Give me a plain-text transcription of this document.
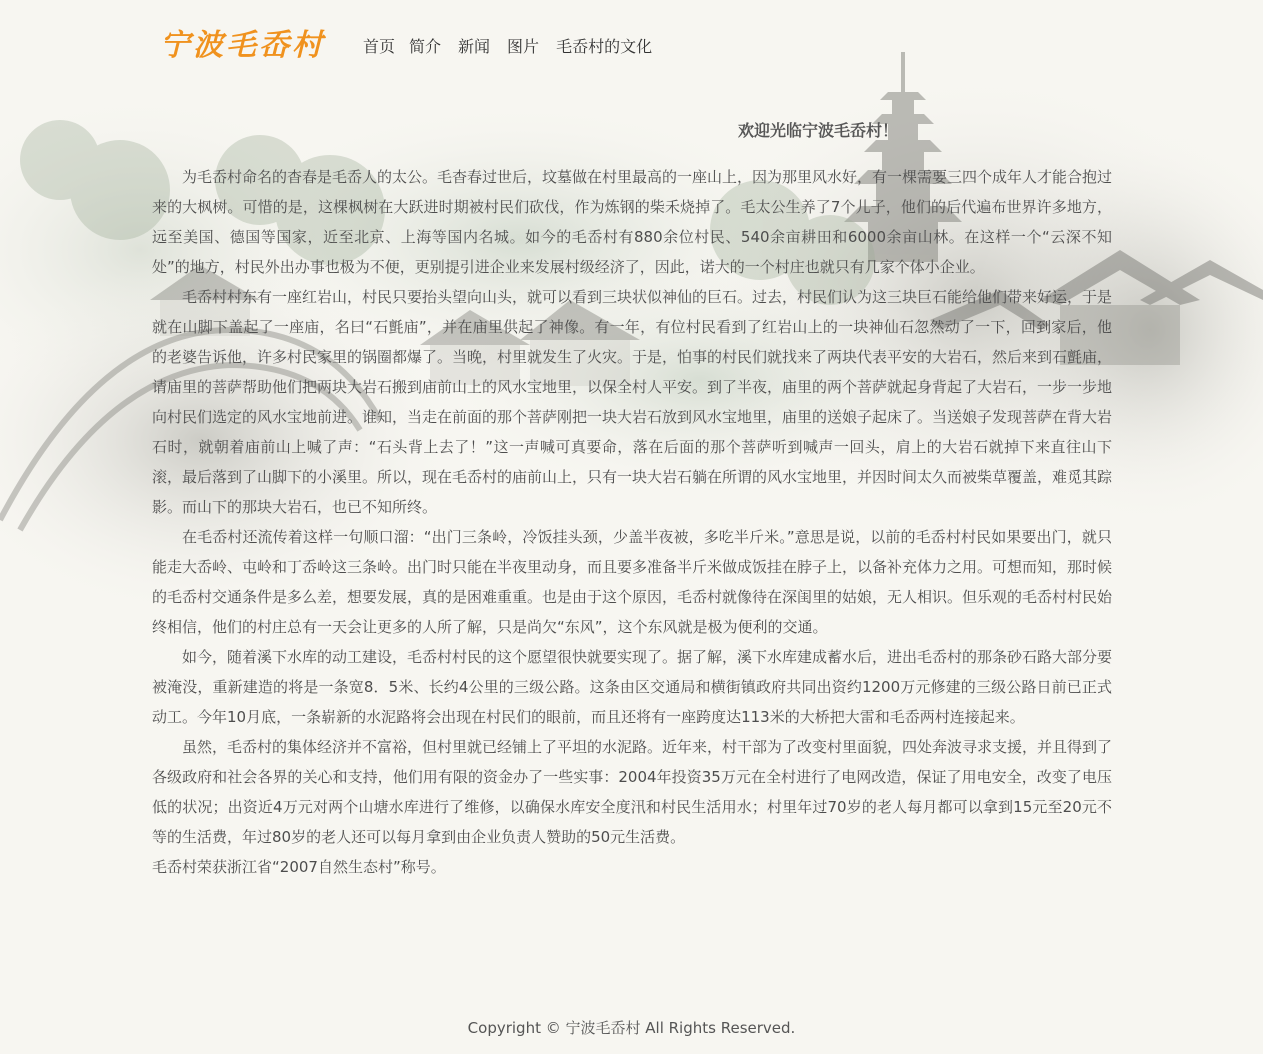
宁波毛岙村 首页 简介 新闻 图片 毛岙村的文化
欢迎光临宁波毛岙村！

为毛岙村命名的杳春是毛岙人的太公。毛杳春过世后，坟墓做在村里最高的一座山上，因为那里风水好，有一棵需要三四个成年人才能合抱过来的大枫树。可惜的是，这棵枫树在大跃进时期被村民们砍伐，作为炼钢的柴禾烧掉了。毛太公生养了7个儿子，他们的后代遍布世界许多地方，远至美国、德国等国家，近至北京、上海等国内名城。如今的毛岙村有880余位村民、540余亩耕田和6000余亩山林。在这样一个“云深不知处”的地方，村民外出办事也极为不便，更别提引进企业来发展村级经济了，因此，诺大的一个村庄也就只有几家个体小企业。

毛岙村村东有一座红岩山，村民只要抬头望向山头，就可以看到三块状似神仙的巨石。过去，村民们认为这三块巨石能给他们带来好运，于是就在山脚下盖起了一座庙，名曰“石氈庙”，并在庙里供起了神像。有一年，有位村民看到了红岩山上的一块神仙石忽然动了一下，回到家后，他的老婆告诉他，许多村民家里的锅圈都爆了。当晚，村里就发生了火灾。于是，怕事的村民们就找来了两块代表平安的大岩石，然后来到石氈庙，请庙里的菩萨帮助他们把两块大岩石搬到庙前山上的风水宝地里，以保全村人平安。到了半夜，庙里的两个菩萨就起身背起了大岩石，一步一步地向村民们选定的风水宝地前进。谁知，当走在前面的那个菩萨刚把一块大岩石放到风水宝地里，庙里的送娘子起床了。当送娘子发现菩萨在背大岩石时，就朝着庙前山上喊了声：“石头背上去了！”这一声喊可真要命，落在后面的那个菩萨听到喊声一回头，肩上的大岩石就掉下来直往山下滚，最后落到了山脚下的小溪里。所以，现在毛岙村的庙前山上，只有一块大岩石躺在所谓的风水宝地里，并因时间太久而被柴草覆盖，难觅其踪影。而山下的那块大岩石，也已不知所终。

在毛岙村还流传着这样一句顺口溜：“出门三条岭，冷饭挂头颈，少盖半夜被，多吃半斤米。”意思是说，以前的毛岙村村民如果要出门，就只能走大岙岭、屯岭和丁岙岭这三条岭。出门时只能在半夜里动身，而且要多准备半斤米做成饭挂在脖子上，以备补充体力之用。可想而知，那时候的毛岙村交通条件是多么差，想要发展，真的是困难重重。也是由于这个原因，毛岙村就像待在深闺里的姑娘，无人相识。但乐观的毛岙村村民始终相信，他们的村庄总有一天会让更多的人所了解，只是尚欠“东风”，这个东风就是极为便利的交通。

如今，随着溪下水库的动工建设，毛岙村村民的这个愿望很快就要实现了。据了解，溪下水库建成蓄水后，进出毛岙村的那条砂石路大部分要被淹没，重新建造的将是一条宽8．5米、长约4公里的三级公路。这条由区交通局和横街镇政府共同出资约1200万元修建的三级公路日前已正式动工。今年10月底，一条崭新的水泥路将会出现在村民们的眼前，而且还将有一座跨度达113米的大桥把大雷和毛岙两村连接起来。

虽然，毛岙村的集体经济并不富裕，但村里就已经铺上了平坦的水泥路。近年来，村干部为了改变村里面貌，四处奔波寻求支援，并且得到了各级政府和社会各界的关心和支持，他们用有限的资金办了一些实事：2004年投资35万元在全村进行了电网改造，保证了用电安全，改变了电压低的状况；出资近4万元对两个山塘水库进行了维修，以确保水库安全度汛和村民生活用水；村里年过70岁的老人每月都可以拿到15元至20元不等的生活费，年过80岁的老人还可以每月拿到由企业负责人赞助的50元生活费。

毛岙村荣获浙江省“2007自然生态村”称号。

Copyright © 宁波毛岙村 All Rights Reserved.
